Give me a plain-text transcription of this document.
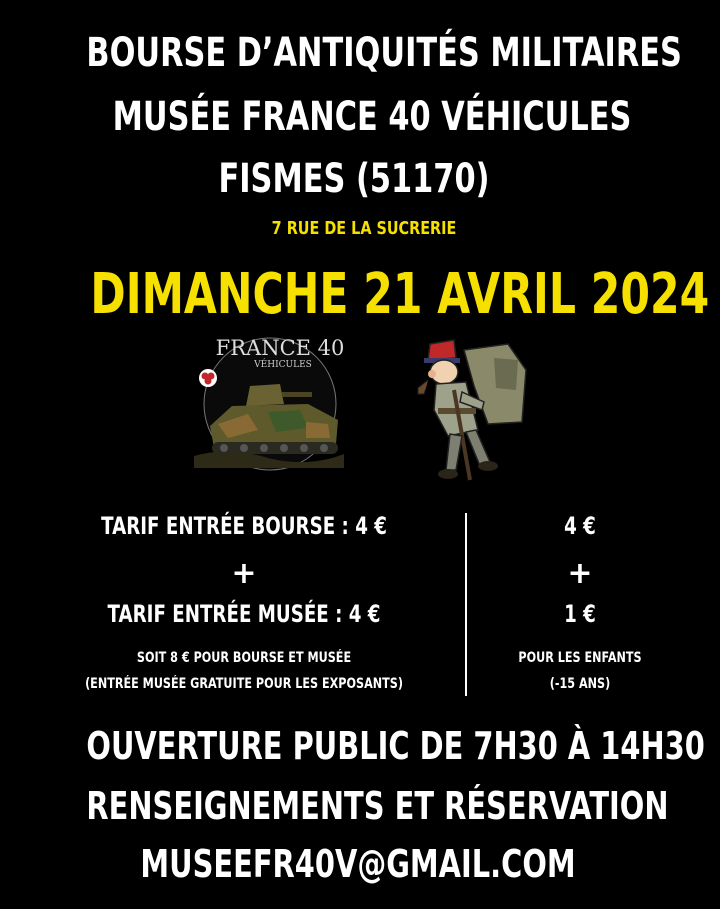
BOURSE D’ANTIQUITÉS MILITAIRES
MUSÉE FRANCE 40 VÉHICULES
FISMES (51170)
7 RUE DE LA SUCRERIE
DIMANCHE 21 AVRIL 2024
FRANCE 40
VÉHICULES
TARIF ENTRÉE BOURSE : 4 €
+
TARIF ENTRÉE MUSÉE : 4 €
SOIT 8 € POUR BOURSE ET MUSÉE
(ENTRÉE MUSÉE GRATUITE POUR LES EXPOSANTS)
4 €
+
1 €
POUR LES ENFANTS
(-15 ANS)
OUVERTURE PUBLIC DE 7H30 À 14H30
RENSEIGNEMENTS ET RÉSERVATION
MUSEEFR40V@GMAIL.COM
